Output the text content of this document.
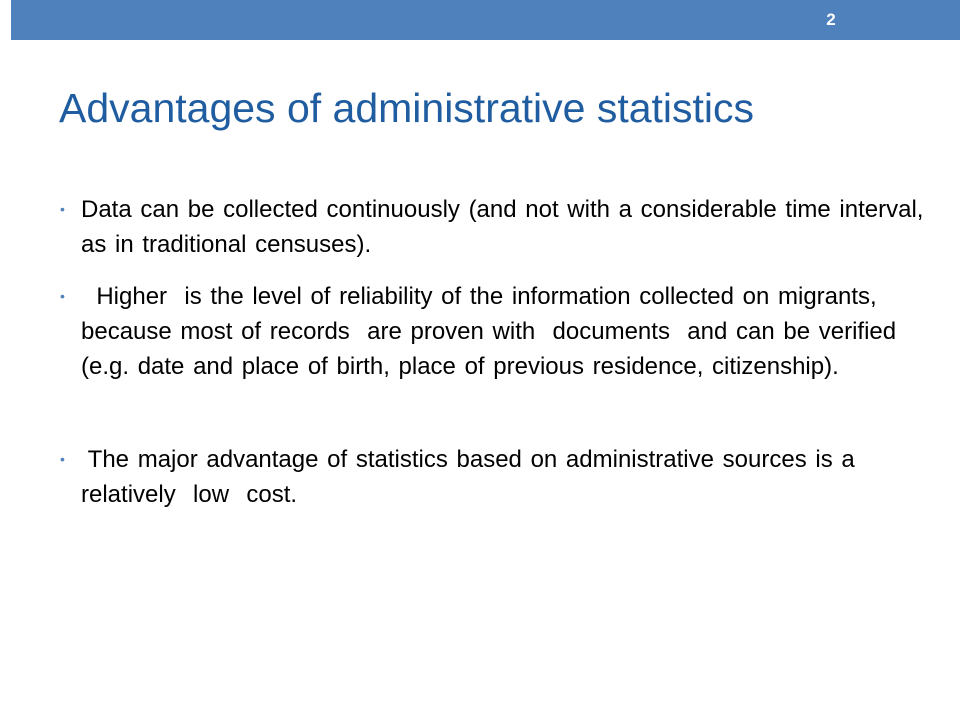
2
Advantages of administrative statistics
• Data can be collected continuously (and not with a considerable time interval, as in traditional censuses).
• Higher  is the level of reliability of the information collected on migrants, because most of records  are proven with  documents  and can be verified (e.g. date and place of birth, place of previous residence, citizenship).
• The major advantage of statistics based on administrative sources is a relatively  low  cost.
